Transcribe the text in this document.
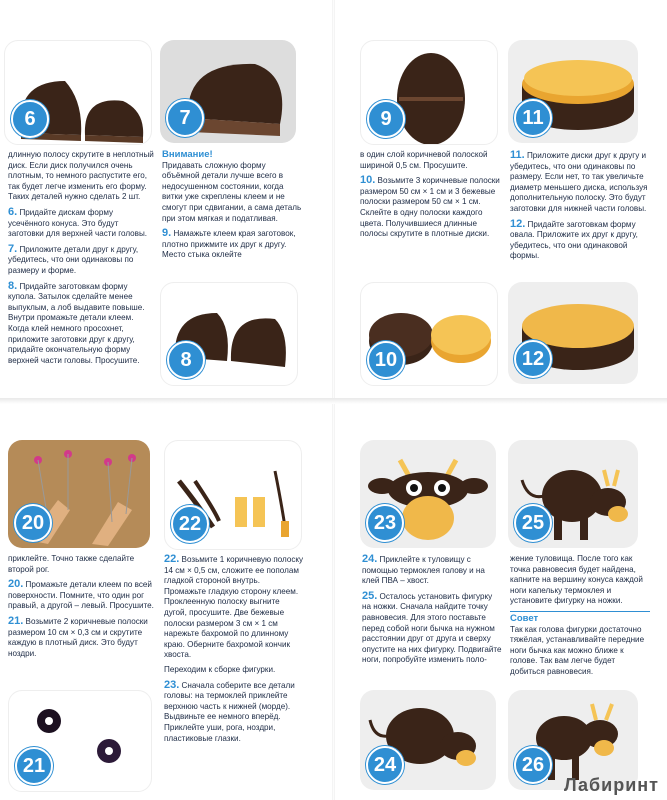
6	7

длинную полосу скрутите в неплотный диск. Если диск получился очень плотным, то немного распустите его, так будет легче изменить его форму. Таких деталей нужно сделать 2 шт.

6. Придайте дискам форму усечённого конуса. Это будут заготовки для верхней части головы.

7. Приложите детали друг к другу, убедитесь, что они одинаковы по размеру и форме.

8. Придайте заготовкам форму купола. Затылок сделайте менее выпуклым, а лоб выдавите повыше. Внутри промажьте детали клеем. Когда клей немного просохнет, приложите заготовки друг к другу, придайте окончательную форму верхней части головы. Просушите.

Внимание!
Придавать сложную форму объёмной детали лучше всего в недосушенном состоянии, когда витки уже скреплены клеем и не смогут при сдвигании, а сама деталь при этом мягкая и податливая.

9. Намажьте клеем края заготовок, плотно прижмите их друг к другу. Место стыка оклейте

8
9	11

в один слой коричневой полоской шириной 0,5 см. Просушите.

10. Возьмите 3 коричневые полоски размером 50 см × 1 см и 3 бежевые полоски размером 50 см × 1 см. Склейте в одну полоски каждого цвета. Получившиеся длинные полосы скрутите в плотные диски.

11. Приложите диски друг к другу и убедитесь, что они одинаковы по размеру. Если нет, то так увеличьте диаметр меньшего диска, используя дополнительную полоску. Это будут заготовки для нижней части головы.

12. Придайте заготовкам форму овала. Приложите их друг к другу, убедитесь, что они одинаковой формы.

10	12
20	22

приклейте. Точно также сделайте второй рог.

20. Промажьте детали клеем по всей поверхности. Помните, что один рог правый, а другой – левый. Просушите.

21. Возьмите 2 коричневые полоски размером 10 см × 0,3 см и скрутите каждую в плотный диск. Это будут ноздри.

21

22. Возьмите 1 коричневую полоску 14 см × 0,5 см, сложите ее пополам гладкой стороной внутрь. Промажьте гладкую сторону клеем. Проклеенную полоску выгните дугой, просушите. Две бежевые полоски размером 3 см × 1 см нарежьте бахромой по длинному краю. Оберните бахромой кончик хвоста.

Переходим к сборке фигурки.

23. Сначала соберите все детали головы: на термоклей приклейте верхнюю часть к нижней (морде). Выдвиньте ее немного вперёд. Приклейте уши, рога, ноздри, пластиковые глазки.

23	25

24. Приклейте к туловищу с помощью термоклея голову и на клей ПВА – хвост.

25. Осталось установить фигурку на ножки. Сначала найдите точку равновесия. Для этого поставьте перед собой ноги бычка на нужном расстоянии друг от друга и сверху опустите на них фигурку. Подвигайте ноги, попробуйте изменить поло-

жение туловища. После того как точка равновесия будет найдена, капните на вершину конуса каждой ноги капельку термоклея и установите фигурку на ножки.

Совет
Так как голова фигурки достаточно тяжёлая, устанавливайте передние ноги бычка как можно ближе к голове. Так вам легче будет добиться равновесия.

24	26
Лабиринт
